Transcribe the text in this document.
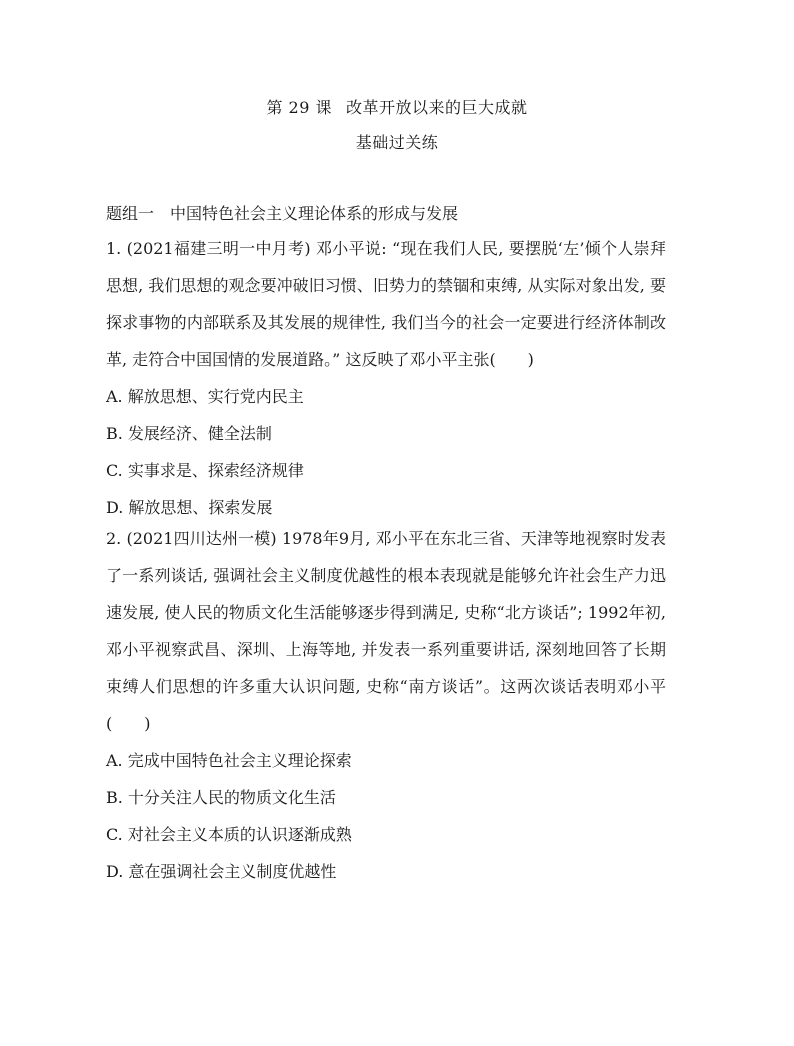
第 29 课 改革开放以来的巨大成就
基础过关练
题组一 中国特色社会主义理论体系的形成与发展
1. (2021福建三明一中月考) 邓小平说: “现在我们人民, 要摆脱‘左’倾个人崇拜思想, 我们思想的观念要冲破旧习惯、旧势力的禁锢和束缚, 从实际对象出发, 要探求事物的内部联系及其发展的规律性, 我们当今的社会一定要进行经济体制改革, 走符合中国国情的发展道路。” 这反映了邓小平主张(　　)
A. 解放思想、实行党内民主
B. 发展经济、健全法制
C. 实事求是、探索经济规律
D. 解放思想、探索发展
2. (2021四川达州一模) 1978年9月, 邓小平在东北三省、天津等地视察时发表了一系列谈话, 强调社会主义制度优越性的根本表现就是能够允许社会生产力迅速发展, 使人民的物质文化生活能够逐步得到满足, 史称“北方谈话”; 1992年初, 邓小平视察武昌、深圳、上海等地, 并发表一系列重要讲话, 深刻地回答了长期束缚人们思想的许多重大认识问题, 史称“南方谈话”。这两次谈话表明邓小平(　　)
A. 完成中国特色社会主义理论探索
B. 十分关注人民的物质文化生活
C. 对社会主义本质的认识逐渐成熟
D. 意在强调社会主义制度优越性
